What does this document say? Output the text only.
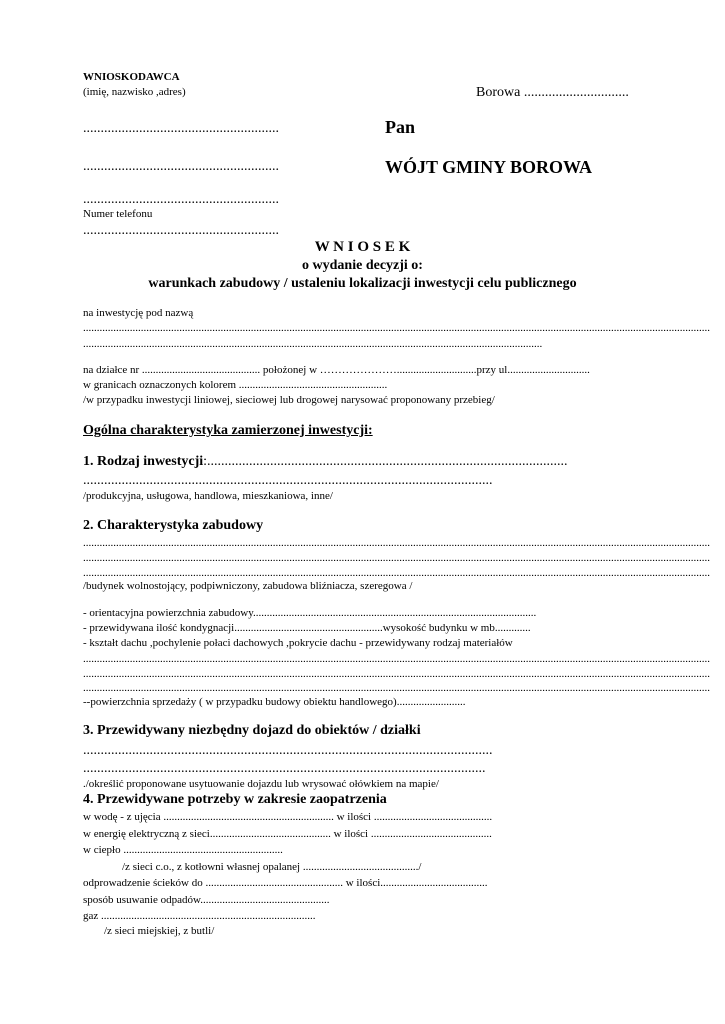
WNIOSKODAWCA
(imię, nazwisko ,adres)	Borowa ..............................
........................................................	Pan
........................................................	WÓJT GMINY BOROWA
........................................................
Numer telefonu
........................................................
W N I O S E K
o wydanie decyzji o:
warunkach zabudowy / ustaleniu lokalizacji inwestycji celu publicznego
na inwestycję pod nazwą
....................................................................................................................................................................................................................................
.......................................................................................................................................................................
na działce nr ........................................... położonej w ………………….............................przy ul..............................
w granicach oznaczonych kolorem ......................................................
/w przypadku inwestycji liniowej, sieciowej lub drogowej narysować proponowany przebieg/
Ogólna charakterystyka zamierzonej inwestycji:
1. Rodzaj inwestycji:.......................................................................................................
.....................................................................................................................
/produkcyjna, usługowa, handlowa, mieszkaniowa, inne/
2. Charakterystyka zabudowy
....................................................................................................................................................................................................................................
....................................................................................................................................................................................................................................
....................................................................................................................................................................................................................................
/budynek wolnostojący, podpiwniczony, zabudowa bliźniacza, szeregowa /
- orientacyjna powierzchnia zabudowy.......................................................................................................
- przewidywana ilość kondygnacji......................................................wysokość budynku w mb.............
- kształt dachu ,pochylenie połaci dachowych ,pokrycie dachu - przewidywany rodzaj materiałów
....................................................................................................................................................................................................................................
....................................................................................................................................................................................................................................
....................................................................................................................................................................................................................................
--powierzchnia sprzedaży ( w przypadku budowy obiektu handlowego).........................
3. Przewidywany niezbędny dojazd do obiektów / działki
.....................................................................................................................
...................................................................................................................
./określić proponowane usytuowanie dojazdu lub wrysować ołówkiem na mapie/
4. Przewidywane potrzeby w zakresie zaopatrzenia
w wodę - z ujęcia .............................................................. w ilości ...........................................
w energię elektryczną z sieci............................................ w ilości ............................................
w ciepło ..........................................................
/z sieci c.o., z kotłowni własnej opalanej ........................................../
odprowadzenie ścieków do .................................................. w ilości.......................................
sposób usuwanie odpadów...............................................
gaz ..............................................................................
/z sieci miejskiej, z butli/
